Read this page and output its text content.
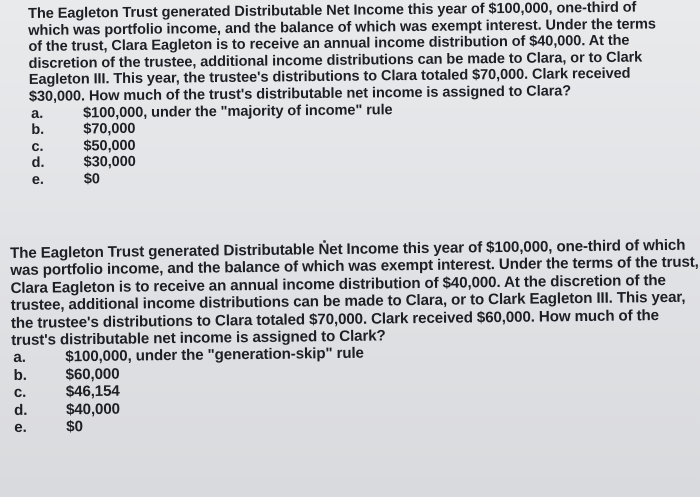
The Eagleton Trust generated Distributable Net Income this year of $100,000, one-third of which was portfolio income, and the balance of which was exempt interest. Under the terms of the trust, Clara Eagleton is to receive an annual income distribution of $40,000. At the discretion of the trustee, additional income distributions can be made to Clara, or to Clark Eagleton III. This year, the trustee's distributions to Clara totaled $70,000. Clark received $30,000. How much of the trust's distributable net income is assigned to Clara?

a.	$100,000, under the "majority of income" rule
b.	$70,000
c.	$50,000
d.	$30,000
e.	$0

The Eagleton Trust generated Distributable Net Income this year of $100,000, one-third of which was portfolio income, and the balance of which was exempt interest. Under the terms of the trust, Clara Eagleton is to receive an annual income distribution of $40,000. At the discretion of the trustee, additional income distributions can be made to Clara, or to Clark Eagleton III. This year, the trustee's distributions to Clara totaled $70,000. Clark received $60,000. How much of the trust's distributable net income is assigned to Clark?

a.	$100,000, under the "generation-skip" rule
b.	$60,000
c.	$46,154
d.	$40,000
e.	$0
